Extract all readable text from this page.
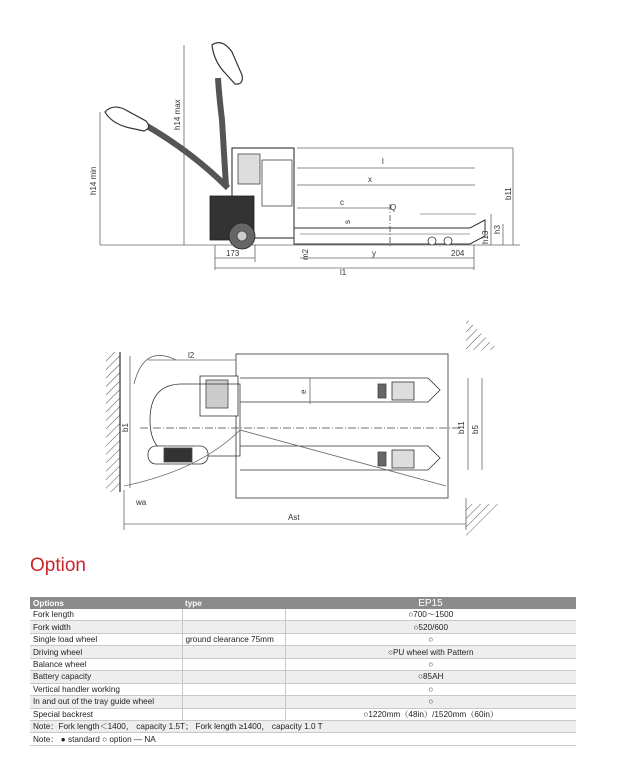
h14 max
h14 min
l
x
c
Q
s
h13
h3
b11
m2	y
l1
173	204
l2
e
b1	b11 b5
wa
Ast
Option
Options	type	EP15
Fork length		○700～1500
Fork width		○520/600
Single load wheel	ground clearance 75mm	○
Driving wheel		○PU wheel with Pattern
Balance wheel		○
Battery capacity		○85AH
Vertical handler working		○
In and out of the tray guide wheel		○
Special backrest		○1220mm（48in）/1520mm（60in）
Note：Fork length＜1400， capacity 1.5T； Fork length ≥1400， capacity 1.0 T		
Note： ● standard ○ option — NA		
